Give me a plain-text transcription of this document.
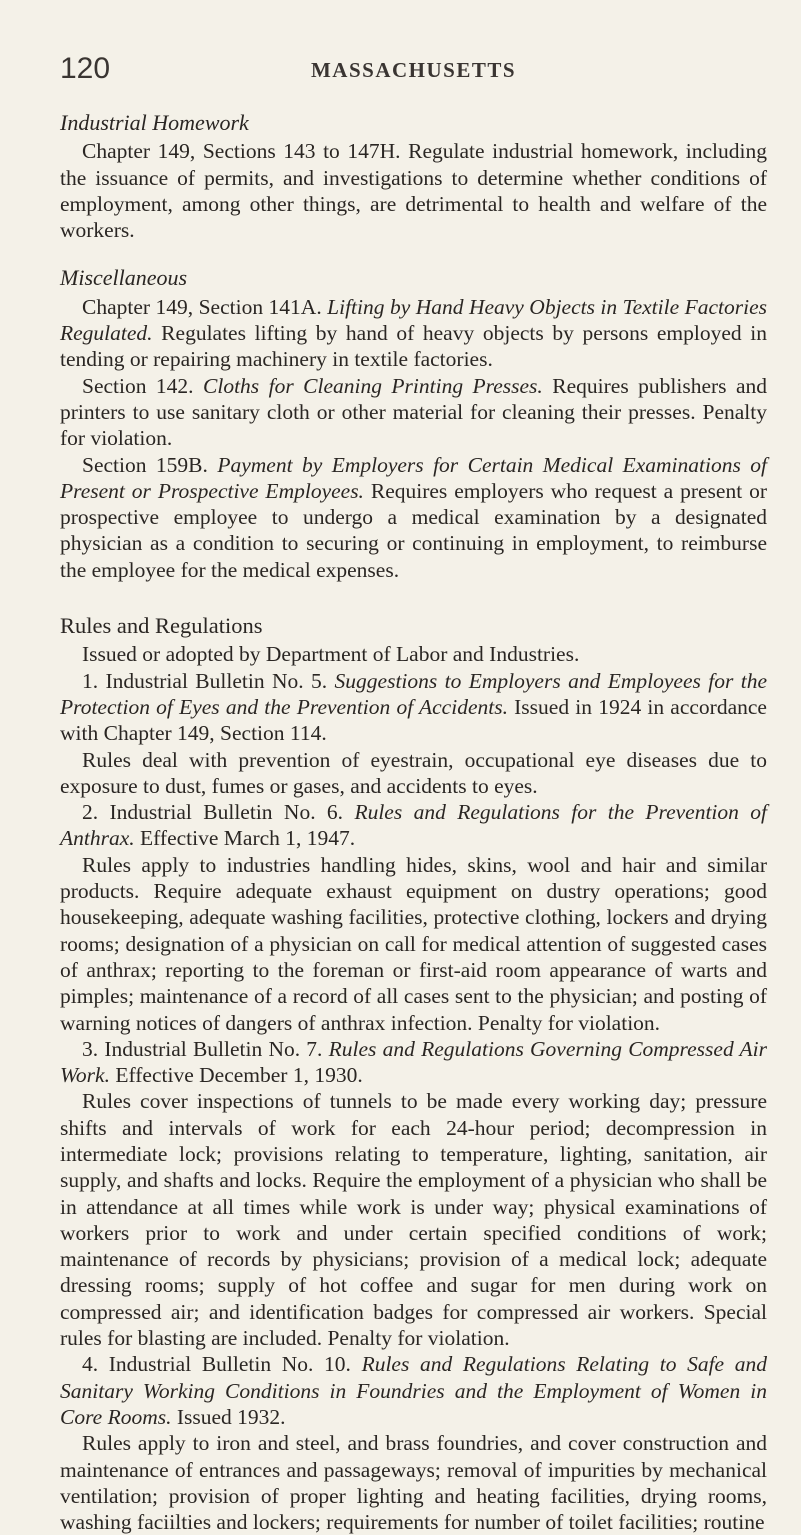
120	MASSACHUSETTS
Industrial Homework

Chapter 149, Sections 143 to 147H. Regulate industrial homework, including the issuance of permits, and investigations to determine whether conditions of employment, among other things, are detrimental to health and welfare of the workers.

Miscellaneous

Chapter 149, Section 141A. Lifting by Hand Heavy Objects in Textile Factories Regulated. Regulates lifting by hand of heavy objects by persons employed in tending or repairing machinery in textile factories.

Section 142. Cloths for Cleaning Printing Presses. Requires publishers and printers to use sanitary cloth or other material for cleaning their presses. Penalty for violation.

Section 159B. Payment by Employers for Certain Medical Examinations of Present or Prospective Employees. Requires employers who request a present or prospective employee to undergo a medical examination by a designated physician as a condition to securing or continuing in employment, to reimburse the employee for the medical expenses.

Rules and Regulations

Issued or adopted by Department of Labor and Industries.

1. Industrial Bulletin No. 5. Suggestions to Employers and Employees for the Protection of Eyes and the Prevention of Accidents. Issued in 1924 in accordance with Chapter 149, Section 114.

Rules deal with prevention of eyestrain, occupational eye diseases due to exposure to dust, fumes or gases, and accidents to eyes.

2. Industrial Bulletin No. 6. Rules and Regulations for the Prevention of Anthrax. Effective March 1, 1947.

Rules apply to industries handling hides, skins, wool and hair and similar products. Require adequate exhaust equipment on dustry operations; good housekeeping, adequate washing facilities, protective clothing, lockers and drying rooms; designation of a physician on call for medical attention of suggested cases of anthrax; reporting to the foreman or first-aid room appearance of warts and pimples; maintenance of a record of all cases sent to the physician; and posting of warning notices of dangers of anthrax infection. Penalty for violation.

3. Industrial Bulletin No. 7. Rules and Regulations Governing Compressed Air Work. Effective December 1, 1930.

Rules cover inspections of tunnels to be made every working day; pressure shifts and intervals of work for each 24-hour period; decompression in intermediate lock; provisions relating to temperature, lighting, sanitation, air supply, and shafts and locks. Require the employment of a physician who shall be in attendance at all times while work is under way; physical examinations of workers prior to work and under certain specified conditions of work; maintenance of records by physicians; provision of a medical lock; adequate dressing rooms; supply of hot coffee and sugar for men during work on compressed air; and identification badges for compressed air workers. Special rules for blasting are included. Penalty for violation.

4. Industrial Bulletin No. 10. Rules and Regulations Relating to Safe and Sanitary Working Conditions in Foundries and the Employment of Women in Core Rooms. Issued 1932.

Rules apply to iron and steel, and brass foundries, and cover construction and maintenance of entrances and passageways; removal of impurities by mechanical ventilation; provision of proper lighting and heating facilities, drying rooms, washing faciilties and lockers; requirements for number of toilet facilities; routine
